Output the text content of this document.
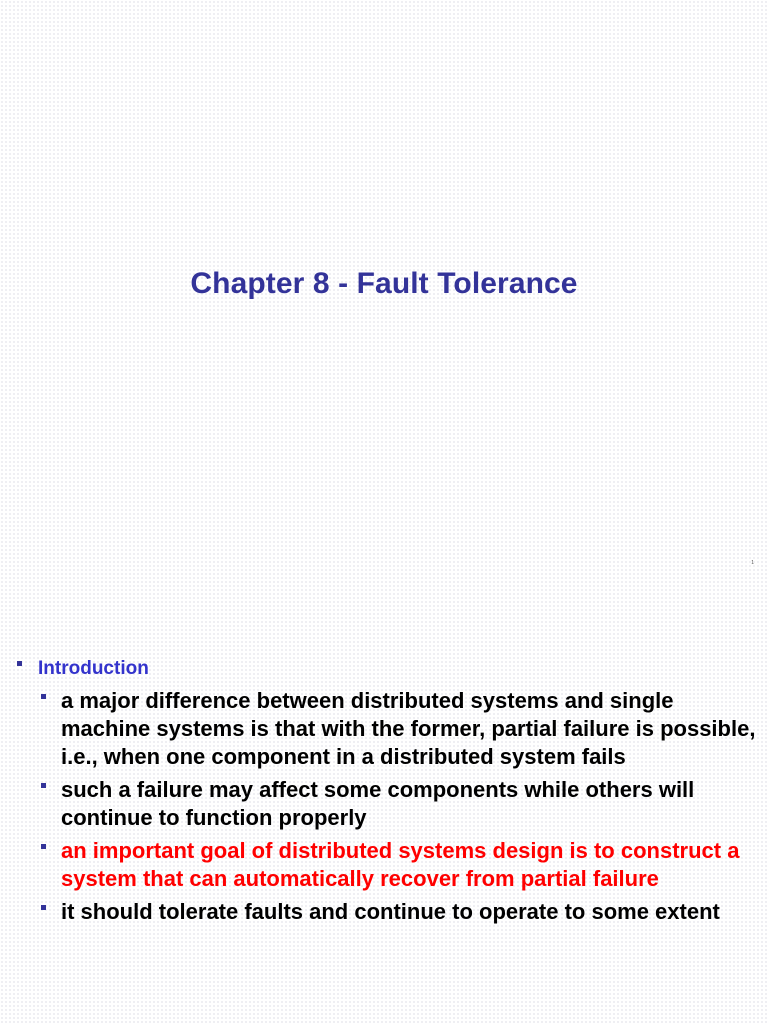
Chapter 8 - Fault Tolerance
1
Introduction
a major difference between distributed systems and single machine systems is that with the former, partial failure is possible, i.e., when one component in a distributed system fails
such a failure may affect some components while others will continue to function properly
an important goal of distributed systems design is to construct a system that can automatically recover from partial failure
it should tolerate faults and continue to operate to some extent
